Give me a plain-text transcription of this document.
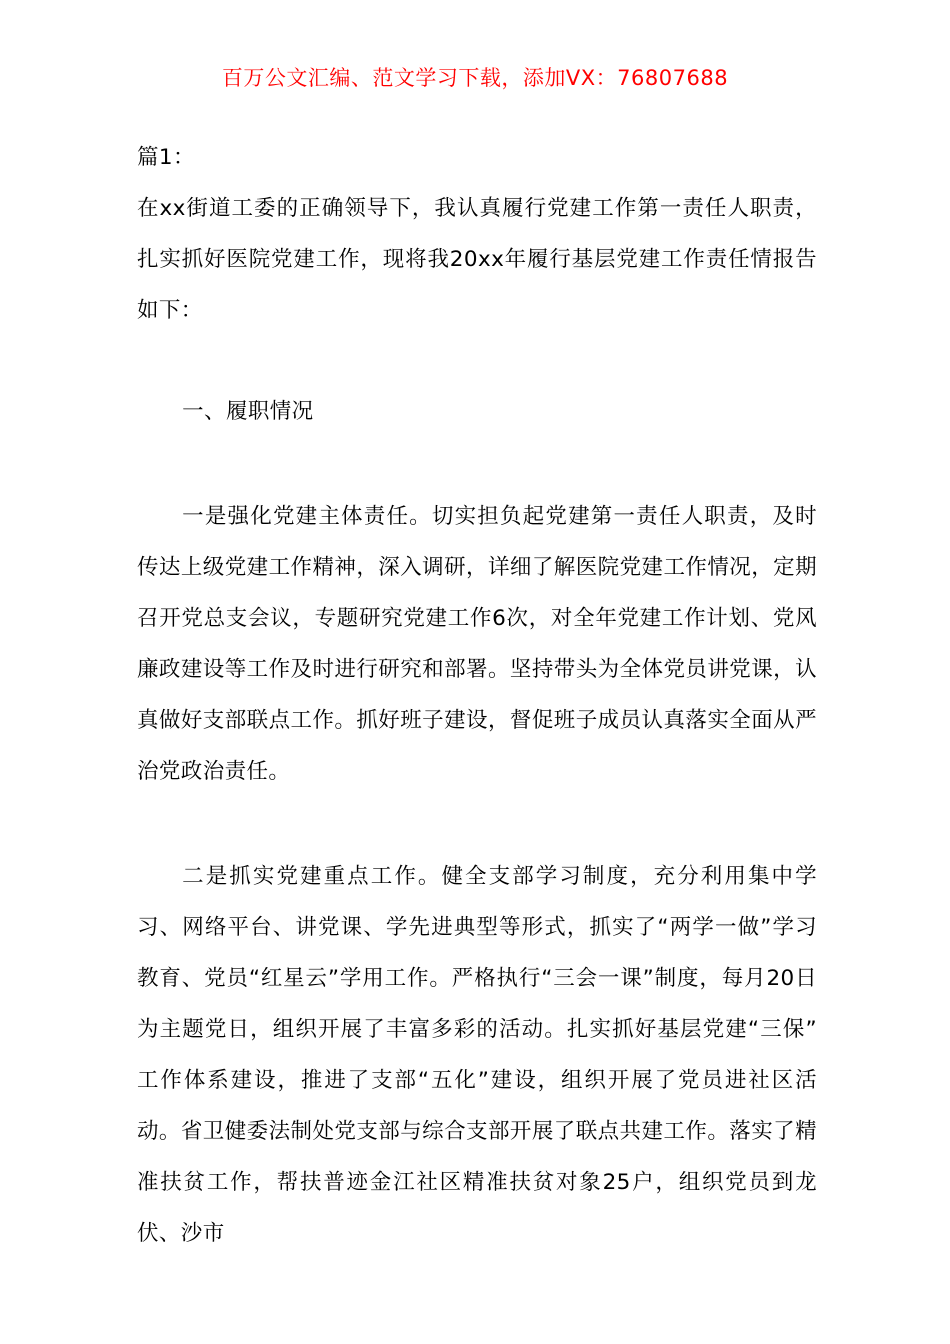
百万公文汇编、范文学习下载，添加VX：76807688

篇1：

在xx街道工委的正确领导下，我认真履行党建工作第一责任人职责，扎实抓好医院党建工作，现将我20xx年履行基层党建工作责任情报告如下：

一、履职情况

一是强化党建主体责任。切实担负起党建第一责任人职责，及时传达上级党建工作精神，深入调研，详细了解医院党建工作情况，定期召开党总支会议，专题研究党建工作6次，对全年党建工作计划、党风廉政建设等工作及时进行研究和部署。坚持带头为全体党员讲党课，认真做好支部联点工作。抓好班子建设，督促班子成员认真落实全面从严治党政治责任。

二是抓实党建重点工作。健全支部学习制度，充分利用集中学习、网络平台、讲党课、学先进典型等形式，抓实了“两学一做”学习教育、党员“红星云”学用工作。严格执行“三会一课”制度，每月20日为主题党日，组织开展了丰富多彩的活动。扎实抓好基层党建“三保”工作体系建设，推进了支部“五化”建设，组织开展了党员进社区活动。省卫健委法制处党支部与综合支部开展了联点共建工作。落实了精准扶贫工作，帮扶普迹金江社区精准扶贫对象25户，组织党员到龙伏、沙市
